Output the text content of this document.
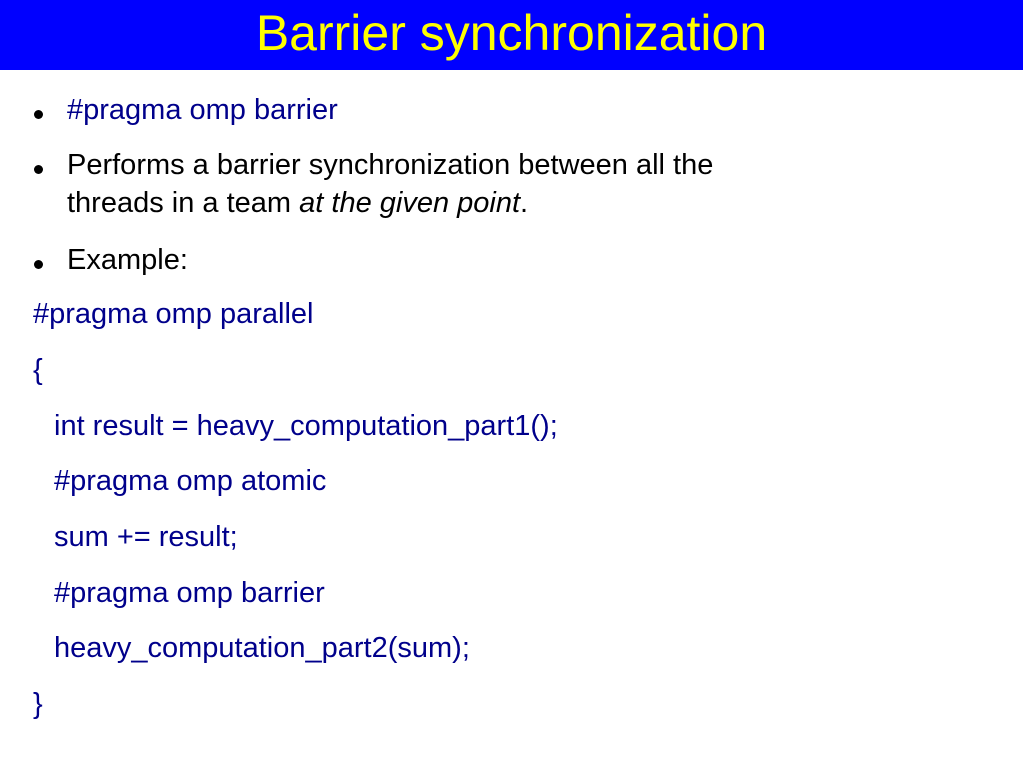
Barrier synchronization
#pragma omp barrier
Performs a barrier synchronization between all the
threads in a team at the given point.
Example:
#pragma omp parallel
{
int result = heavy_computation_part1();
#pragma omp atomic
sum += result;
#pragma omp barrier
heavy_computation_part2(sum);
}
